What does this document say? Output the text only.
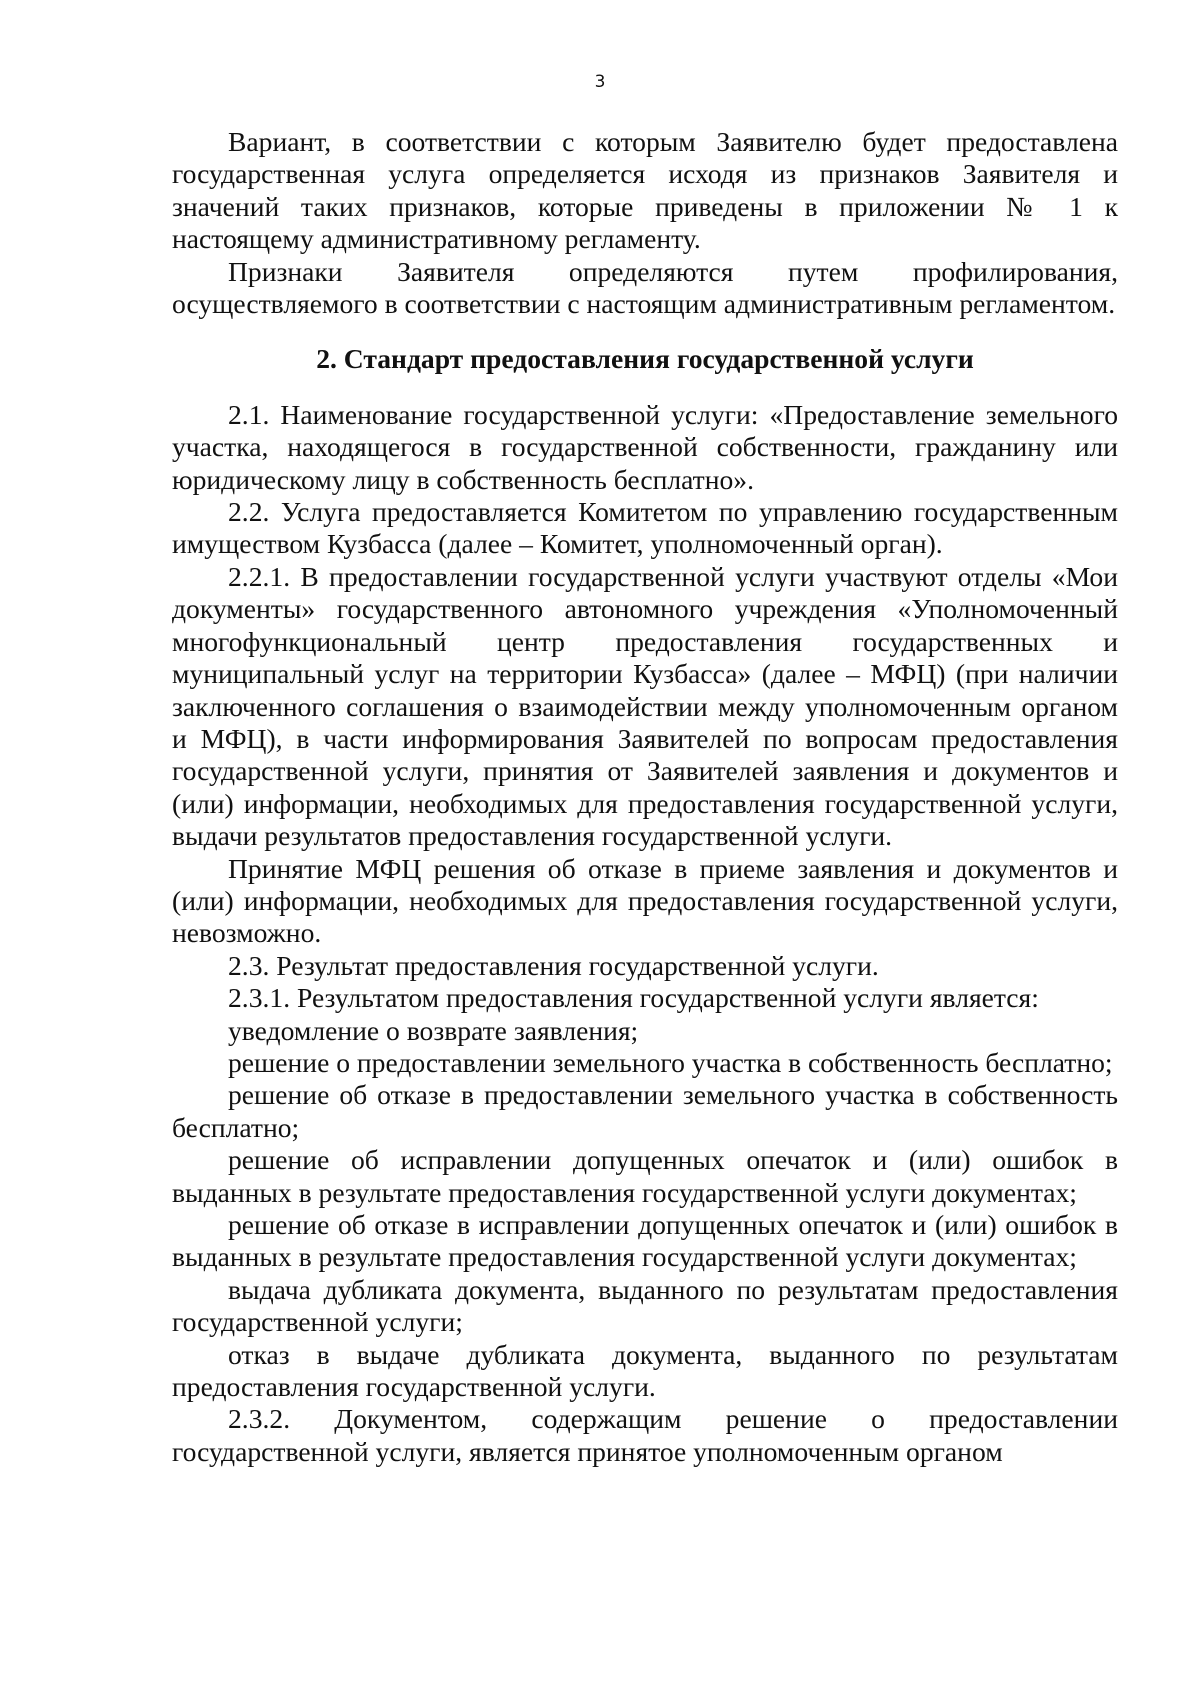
3

Вариант, в соответствии с которым Заявителю будет предоставлена государственная услуга определяется исходя из признаков Заявителя и значений таких признаков, которые приведены в приложении № 1 к настоящему административному регламенту.

Признаки Заявителя определяются путем профилирования, осуществляемого в соответствии с настоящим административным регламентом.

2. Стандарт предоставления государственной услуги

2.1. Наименование государственной услуги: «Предоставление земельного участка, находящегося в государственной собственности, гражданину или юридическому лицу в собственность бесплатно».

2.2. Услуга предоставляется Комитетом по управлению государственным имуществом Кузбасса (далее – Комитет, уполномоченный орган).

2.2.1. В предоставлении государственной услуги участвуют отделы «Мои документы» государственного автономного учреждения «Уполномоченный многофункциональный центр предоставления государственных и муниципальный услуг на территории Кузбасса» (далее – МФЦ) (при наличии заключенного соглашения о взаимодействии между уполномоченным органом и МФЦ), в части информирования Заявителей по вопросам предоставления государственной услуги, принятия от Заявителей заявления и документов и (или) информации, необходимых для предоставления государственной услуги, выдачи результатов предоставления государственной услуги.

Принятие МФЦ решения об отказе в приеме заявления и документов и (или) информации, необходимых для предоставления государственной услуги, невозможно.

2.3. Результат предоставления государственной услуги.

2.3.1. Результатом предоставления государственной услуги является:

уведомление о возврате заявления;

решение о предоставлении земельного участка в собственность бесплатно;

решение об отказе в предоставлении земельного участка в собственность бесплатно;

решение об исправлении допущенных опечаток и (или) ошибок в выданных в результате предоставления государственной услуги документах;

решение об отказе в исправлении допущенных опечаток и (или) ошибок в выданных в результате предоставления государственной услуги документах;

выдача дубликата документа, выданного по результатам предоставления государственной услуги;

отказ в выдаче дубликата документа, выданного по результатам предоставления государственной услуги.

2.3.2. Документом, содержащим решение о предоставлении государственной услуги, является принятое уполномоченным органом
